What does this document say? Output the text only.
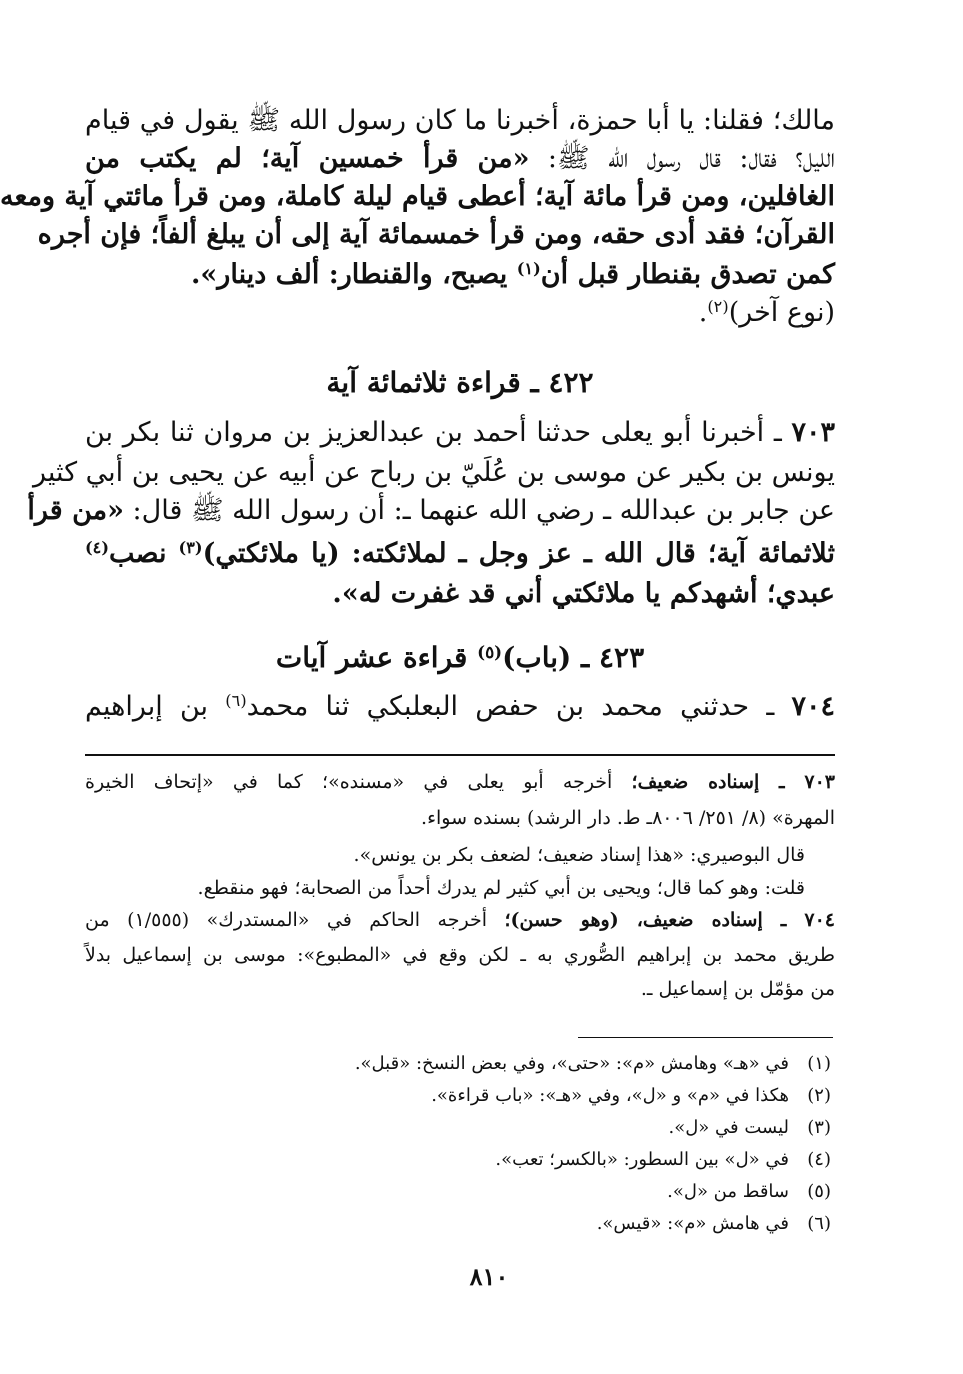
مالك؛ فقلنا: يا أبا حمزة، أخبرنا ما كان رسول الله ﷺ يقول في قيام
الليل؟ فقال: قال رسول الله ﷺ: «من قرأ خمسين آية؛ لم يكتب من
الغافلين، ومن قرأ مائة آية؛ أعطى قيام ليلة كاملة، ومن قرأ مائتي آية ومعه
القرآن؛ فقد أدى حقه، ومن قرأ خمسمائة آية إلى أن يبلغ ألفاً؛ فإن أجره
كمن تصدق بقنطار قبل أن$^{(١)}$ يصبح، والقنطار: ألف دينار».
(نوع آخر)$^{(٢)}$.
٤٢٢ ـ قراءة ثلاثمائة آية
٧٠٣ ـ أخبرنا أبو يعلى حدثنا أحمد بن عبدالعزيز بن مروان ثنا بكر بن
يونس بن بكير عن موسى بن عُلَيّ بن رباح عن أبيه عن يحيى بن أبي كثير
عن جابر بن عبدالله ـ رضي الله عنهما ـ: أن رسول الله ﷺ قال: «من قرأ
ثلاثمائة آية؛ قال الله ـ عز وجل ـ لملائكته: (يا ملائكتي)$^{(٣)}$ نصب$^{(٤)}$
عبدي؛ أشهدكم يا ملائكتي أني قد غفرت له».
٤٢٣ ـ (باب)$^{(٥)}$ قراءة عشر آيات
٧٠٤ ـ حدثني محمد بن حفص البعلبكي ثنا محمد$^{(٦)}$ بن إبراهيم
٧٠٣ ـ إسناده ضعيف؛ أخرجه أبو يعلى في «مسنده»؛ كما في «إتحاف الخيرة
المهرة» (٨/ ٢٥١/ ٨٠٠٦ـ ط. دار الرشد) بسنده سواء.
قال البوصيري: «هذا إسناد ضعيف؛ لضعف بكر بن يونس».
قلت: وهو كما قال؛ ويحيى بن أبي كثير لم يدرك أحداً من الصحابة؛ فهو منقطع.
٧٠٤ ـ إسناده ضعيف، (وهو حسن)؛ أخرجه الحاكم في «المستدرك» (١/٥٥٥) من
طريق محمد بن إبراهيم الصُّوري به ـ لكن وقع في «المطبوع»: موسى بن إسماعيل بدلاً
من مؤمّل بن إسماعيل ـ.
(١)في «هـ» وهامش «م»: «حتى»، وفي بعض النسخ: «قبل».
(٢)هكذا في «م» و «ل»، وفي «هـ»: «باب قراءة».
(٣)ليست في «ل».
(٤)في «ل» بين السطور: «بالكسر؛ تعب».
(٥)ساقط من «ل».
(٦)في هامش «م»: «قيس».
٨١٠
